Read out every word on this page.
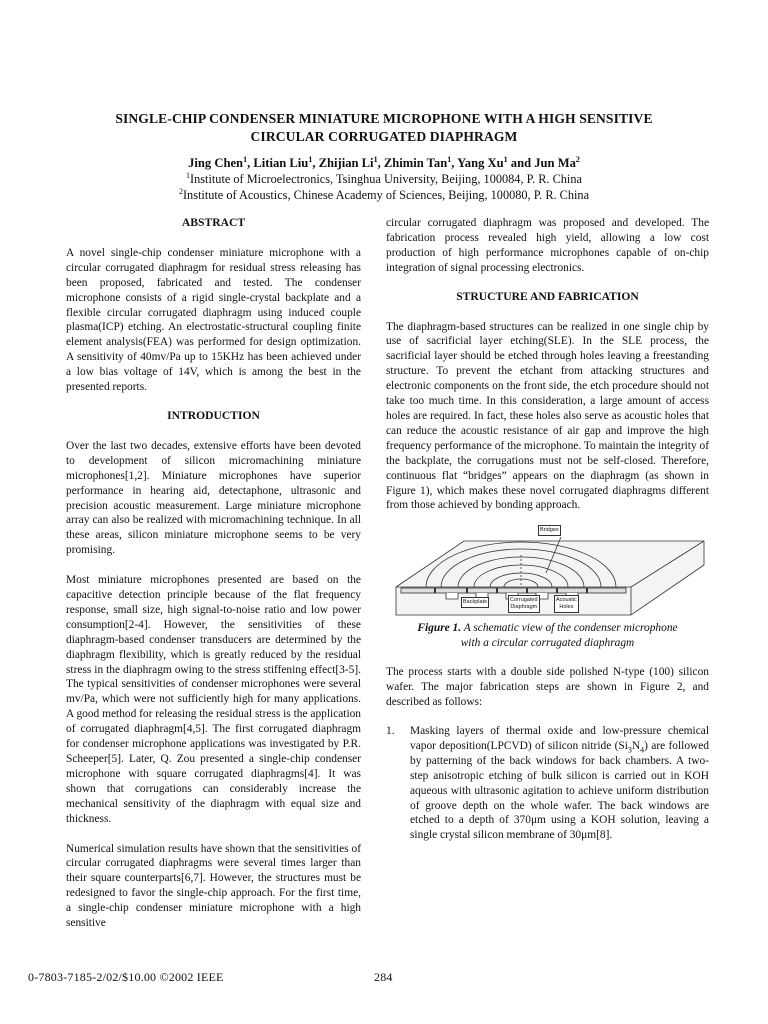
SINGLE-CHIP CONDENSER MINIATURE MICROPHONE WITH A HIGH SENSITIVE
CIRCULAR CORRUGATED DIAPHRAGM
Jing Chen$^1$, Litian Liu$^1$, Zhijian Li$^1$, Zhimin Tan$^1$, Yang Xu$^1$ and Jun Ma$^2$
$^1$Institute of Microelectronics, Tsinghua University, Beijing, 100084, P. R. China
$^2$Institute of Acoustics, Chinese Academy of Sciences, Beijing, 100080, P. R. China

ABSTRACT

A novel single-chip condenser miniature microphone with a circular corrugated diaphragm for residual stress releasing has been proposed, fabricated and tested. The condenser microphone consists of a rigid single-crystal backplate and a flexible circular corrugated diaphragm using induced couple plasma(ICP) etching. An electrostatic-structural coupling finite element analysis(FEA) was performed for design optimization. A sensitivity of 40mv/Pa up to 15KHz has been achieved under a low bias voltage of 14V, which is among the best in the presented reports.

INTRODUCTION

Over the last two decades, extensive efforts have been devoted to development of silicon micromachining miniature microphones[1,2]. Miniature microphones have superior performance in hearing aid, detectaphone, ultrasonic and precision acoustic measurement. Large miniature microphone array can also be realized with micromachining technique. In all these areas, silicon miniature microphone seems to be very promising.

Most miniature microphones presented are based on the capacitive detection principle because of the flat frequency response, small size, high signal-to-noise ratio and low power consumption[2-4]. However, the sensitivities of these diaphragm-based condenser transducers are determined by the diaphragm flexibility, which is greatly reduced by the residual stress in the diaphragm owing to the stress stiffening effect[3-5]. The typical sensitivities of condenser microphones were several mv/Pa, which were not sufficiently high for many applications. A good method for releasing the residual stress is the application of corrugated diaphragm[4,5]. The first corrugated diaphragm for condenser microphone applications was investigated by P.R. Scheeper[5]. Later, Q. Zou presented a single-chip condenser microphone with square corrugated diaphragms[4]. It was shown that corrugations can considerably increase the mechanical sensitivity of the diaphragm with equal size and thickness.

Numerical simulation results have shown that the sensitivities of circular corrugated diaphragms were several times larger than their square counterparts[6,7]. However, the structures must be redesigned to favor the single-chip approach. For the first time, a single-chip condenser miniature microphone with a high sensitive

circular corrugated diaphragm was proposed and developed. The fabrication process revealed high yield, allowing a low cost production of high performance microphones capable of on-chip integration of signal processing electronics.

STRUCTURE AND FABRICATION

The diaphragm-based structures can be realized in one single chip by use of sacrificial layer etching(SLE). In the SLE process, the sacrificial layer should be etched through holes leaving a freestanding structure. To prevent the etchant from attacking structures and electronic components on the front side, the etch procedure should not take too much time. In this consideration, a large amount of access holes are required. In fact, these holes also serve as acoustic holes that can reduce the acoustic resistance of air gap and improve the high frequency performance of the microphone. To maintain the integrity of the backplate, the corrugations must not be self-closed. Therefore, continuous flat “bridges” appears on the diaphragm (as shown in Figure 1), which makes these novel corrugated diaphragms different from those achieved by bonding approach.

Bridges
Backplate	Corrugated
Diaphragm
Acoustic
Holes

Figure 1. A schematic view of the condenser microphone
with a circular corrugated diaphragm

The process starts with a double side polished N-type (100) silicon wafer. The major fabrication steps are shown in Figure 2, and described as follows:

1.	Masking layers of thermal oxide and low-pressure chemical vapor deposition(LPCVD) of silicon nitride $(Si_3N_4)$ are followed by patterning of the back windows for back chambers. A two-step anisotropic etching of bulk silicon is carried out in KOH aqueous with ultrasonic agitation to achieve uniform distribution of groove depth on the whole wafer. The back windows are etched to a depth of 370μm using a KOH solution, leaving a single crystal silicon membrane of 30μm[8].

0-7803-7185-2/02/$10.00 ©2002 IEEE	284
